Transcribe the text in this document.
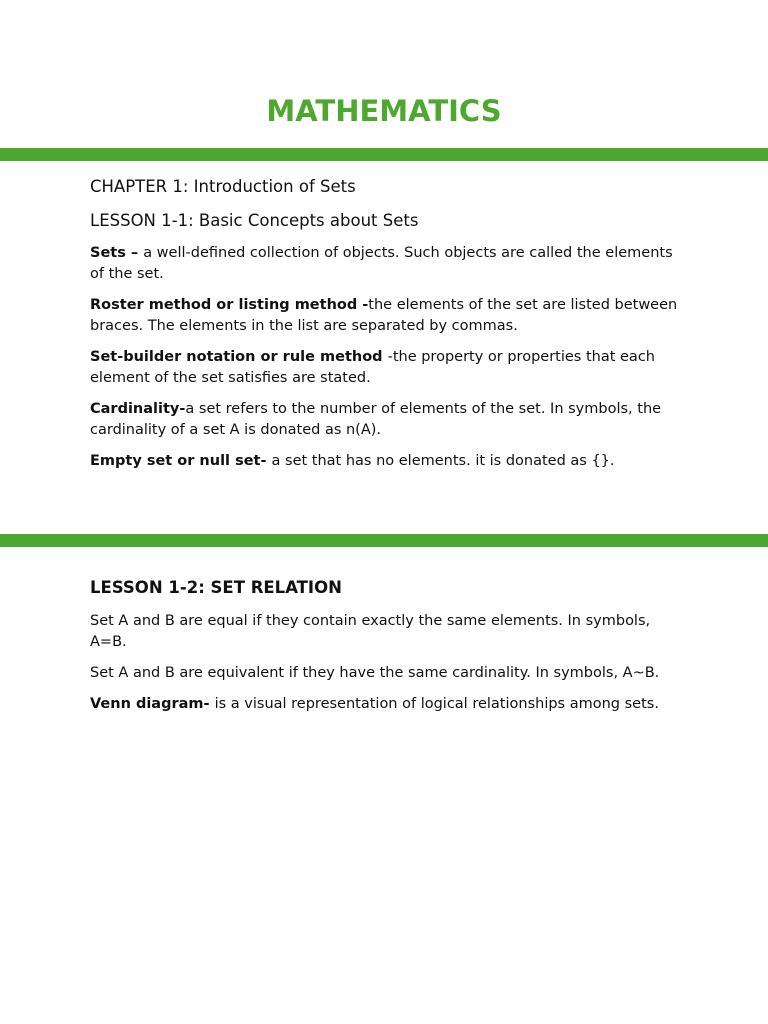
MATHEMATICS
CHAPTER 1: Introduction of Sets
LESSON 1-1: Basic Concepts about Sets

Sets – a well-defined collection of objects. Such objects are called the elements of the set.

Roster method or listing method -the elements of the set are listed between braces. The elements in the list are separated by commas.

Set-builder notation or rule method -the property or properties that each element of the set satisfies are stated.

Cardinality-a set refers to the number of elements of the set. In symbols, the cardinality of a set A is donated as n(A).

Empty set or null set- a set that has no elements. it is donated as {}.

LESSON 1-2: SET RELATION

Set A and B are equal if they contain exactly the same elements. In symbols, A=B.

Set A and B are equivalent if they have the same cardinality. In symbols, A~B.

Venn diagram- is a visual representation of logical relationships among sets.
